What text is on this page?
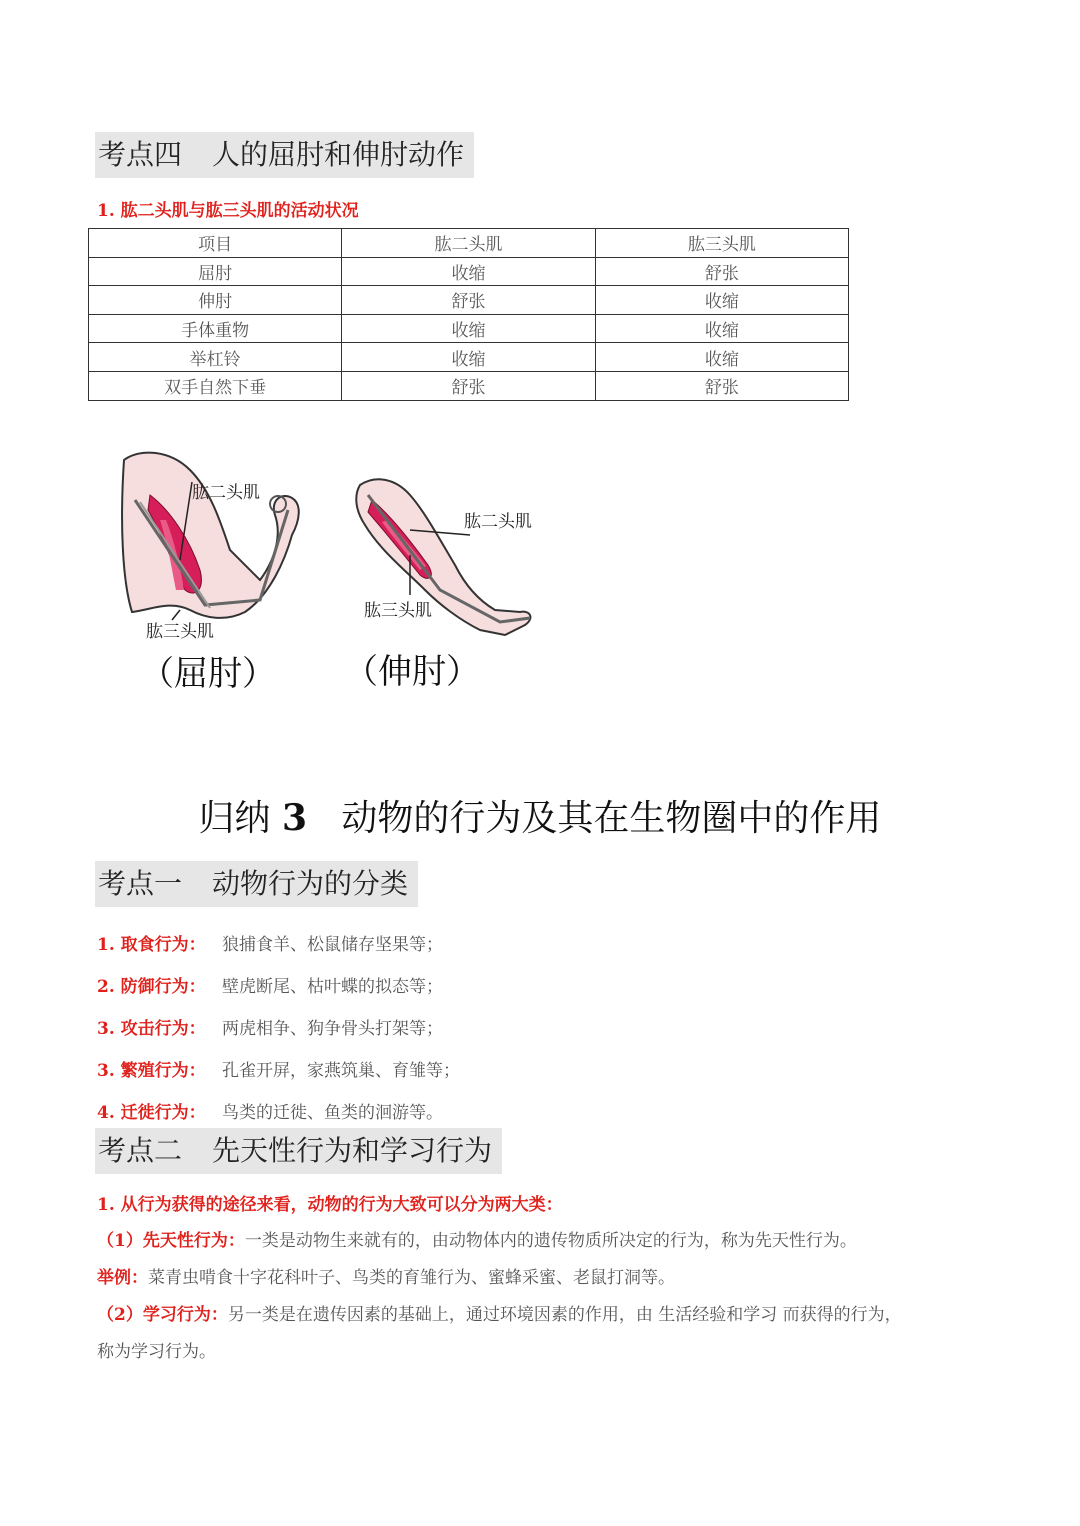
考点四 人的屈肘和伸肘动作
1. 肱二头肌与肱三头肌的活动状况
项目	肱二头肌	肱三头肌
屈肘	收缩	舒张
伸肘	舒张	收缩
手体重物	收缩	收缩
举杠铃	收缩	收缩
双手自然下垂	舒张	舒张
肱二头肌
肱三头肌
肱二头肌
肱三头肌
（屈肘） （伸肘）
归纳 3 动物的行为及其在生物圈中的作用
考点一 动物行为的分类
1. 取食行为： 狼捕食羊、松鼠储存坚果等；
2. 防御行为： 壁虎断尾、枯叶蝶的拟态等；
3. 攻击行为： 两虎相争、狗争骨头打架等；
3. 繁殖行为： 孔雀开屏，家燕筑巢、育雏等；
4. 迁徙行为： 鸟类的迁徙、鱼类的洄游等。
考点二 先天性行为和学习行为
1. 从行为获得的途径来看，动物的行为大致可以分为两大类：
（1）先天性行为：一类是动物生来就有的，由动物体内的遗传物质所决定的行为，称为先天性行为。
举例：菜青虫啃食十字花科叶子、鸟类的育雏行为、蜜蜂采蜜、老鼠打洞等。
（2）学习行为：另一类是在遗传因素的基础上，通过环境因素的作用，由 生活经验和学习 而获得的行为，
称为学习行为。
